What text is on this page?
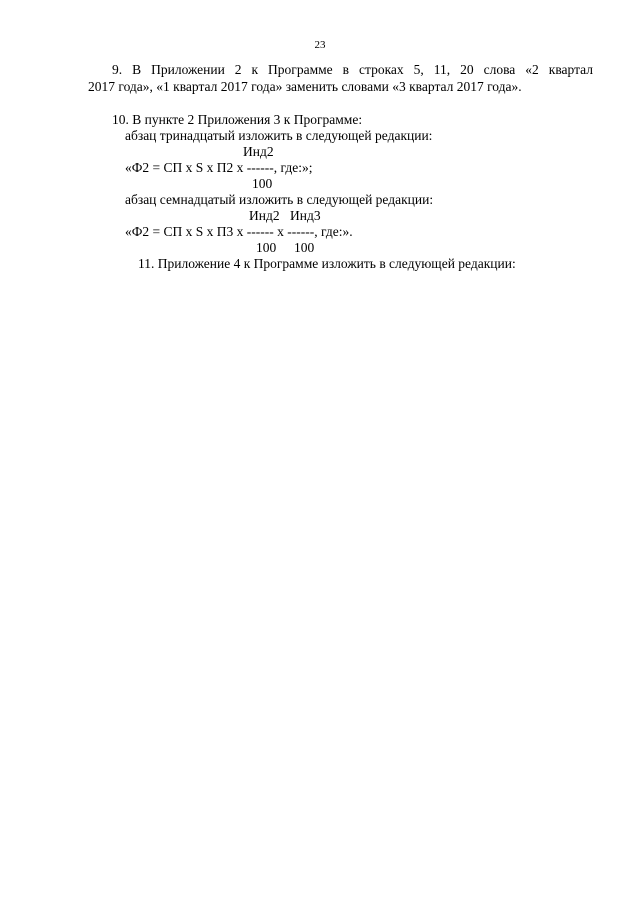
23
9. В Приложении 2 к Программе в строках 5, 11, 20 слова «2 квартал
2017 года», «1 квартал 2017 года» заменить словами «3 квартал 2017 года».
10. В пункте 2 Приложения 3 к Программе:
абзац тринадцатый изложить в следующей редакции:
Инд2
«Ф2 = СП x S x П2 x ------, где:»;
100
абзац семнадцатый изложить в следующей редакции:
Инд2 Инд3
«Ф2 = СП x S x П3 x ------ x ------, где:».
100 100
11. Приложение 4 к Программе изложить в следующей редакции:
